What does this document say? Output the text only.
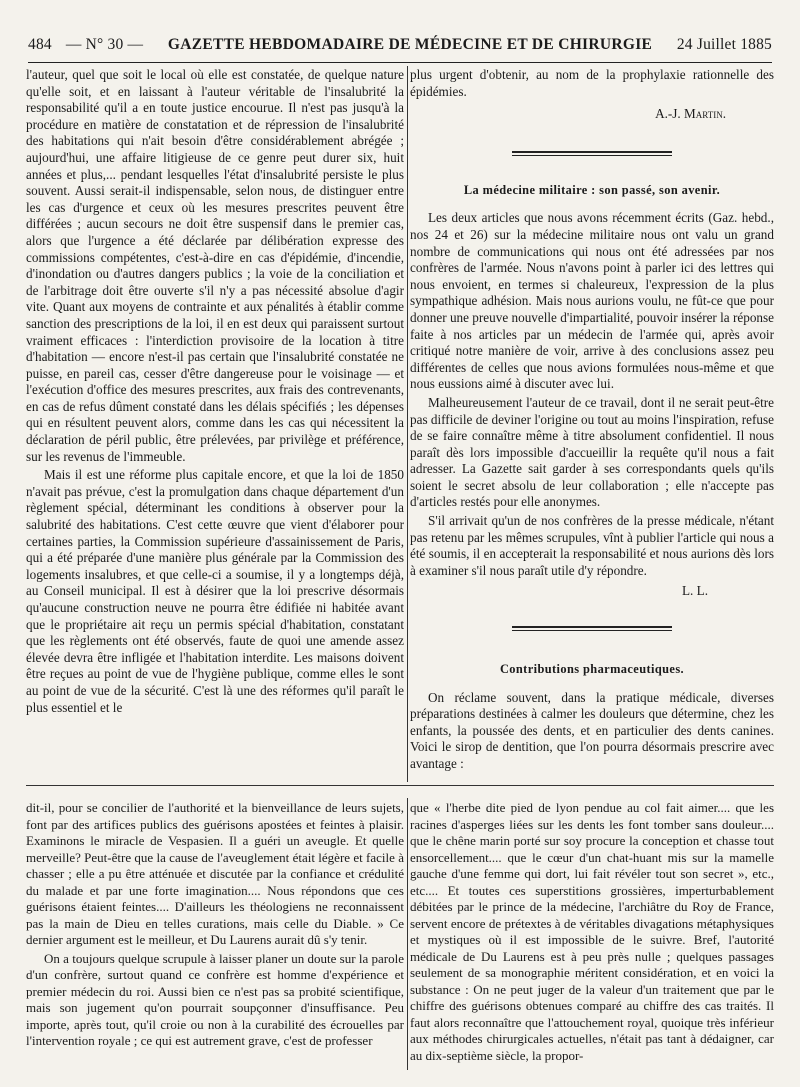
484 — N° 30 — GAZETTE HEBDOMADAIRE DE MÉDECINE ET DE CHIRURGIE 24 Juillet 1885

l'auteur, quel que soit le local où elle est constatée, de quelque nature qu'elle soit, et en laissant à l'auteur véritable de l'insalubrité la responsabilité qu'il a en toute justice encourue. Il n'est pas jusqu'à la procédure en matière de constatation et de répression de l'insalubrité des habitations qui n'ait besoin d'être considérablement abrégée ; aujourd'hui, une affaire litigieuse de ce genre peut durer six, huit années et plus,... pendant lesquelles l'état d'insalubrité persiste le plus souvent. Aussi serait-il indispensable, selon nous, de distinguer entre les cas d'urgence et ceux où les mesures prescrites peuvent être différées ; aucun secours ne doit être suspensif dans le premier cas, alors que l'urgence a été déclarée par délibération expresse des commissions compétentes, c'est-à-dire en cas d'épidémie, d'incendie, d'inondation ou d'autres dangers publics ; la voie de la conciliation et de l'arbitrage doit être ouverte s'il n'y a pas nécessité absolue d'agir vite. Quant aux moyens de contrainte et aux pénalités à établir comme sanction des prescriptions de la loi, il en est deux qui paraissent surtout vraiment efficaces : l'interdiction provisoire de la location à titre d'habitation — encore n'est-il pas certain que l'insalubrité constatée ne puisse, en pareil cas, cesser d'être dangereuse pour le voisinage — et l'exécution d'office des mesures prescrites, aux frais des contrevenants, en cas de refus dûment constaté dans les délais spécifiés ; les dépenses qui en résultent peuvent alors, comme dans les cas qui nécessitent la déclaration de péril public, être prélevées, par privilège et préférence, sur les revenus de l'immeuble.

Mais il est une réforme plus capitale encore, et que la loi de 1850 n'avait pas prévue, c'est la promulgation dans chaque département d'un règlement spécial, déterminant les conditions à observer pour la salubrité des habitations. C'est cette œuvre que vient d'élaborer pour certaines parties, la Commission supérieure d'assainissement de Paris, qui a été préparée d'une manière plus générale par la Commission des logements insalubres, et que celle-ci a soumise, il y a longtemps déjà, au Conseil municipal. Il est à désirer que la loi prescrive désormais qu'aucune construction neuve ne pourra être édifiée ni habitée avant que le propriétaire ait reçu un permis spécial d'habitation, constatant que les règlements ont été observés, faute de quoi une amende assez élevée devra être infligée et l'habitation interdite. Les maisons doivent être reçues au point de vue de l'hygiène publique, comme elles le sont au point de vue de la sécurité. C'est là une des réformes qu'il paraît le plus essentiel et le

plus urgent d'obtenir, au nom de la prophylaxie rationnelle des épidémies.

A.-J. Martin.
La médecine militaire : son passé, son avenir.

Les deux articles que nous avons récemment écrits (Gaz. hebd., nos 24 et 26) sur la médecine militaire nous ont valu un grand nombre de communications qui nous ont été adressées par nos confrères de l'armée. Nous n'avons point à parler ici des lettres qui nous envoient, en termes si chaleureux, l'expression de la plus sympathique adhésion. Mais nous aurions voulu, ne fût-ce que pour donner une preuve nouvelle d'impartialité, pouvoir insérer la réponse faite à nos articles par un médecin de l'armée qui, après avoir critiqué notre manière de voir, arrive à des conclusions assez peu différentes de celles que nous avions formulées nous-même et que nous eussions aimé à discuter avec lui.

Malheureusement l'auteur de ce travail, dont il ne serait peut-être pas difficile de deviner l'origine ou tout au moins l'inspiration, refuse de se faire connaître même à titre absolument confidentiel. Il nous paraît dès lors impossible d'accueillir la requête qu'il nous a fait adresser. La Gazette sait garder à ses correspondants quels qu'ils soient le secret absolu de leur collaboration ; elle n'accepte pas d'articles restés pour elle anonymes.

S'il arrivait qu'un de nos confrères de la presse médicale, n'étant pas retenu par les mêmes scrupules, vînt à publier l'article qui nous a été soumis, il en accepterait la responsabilité et nous aurions dès lors à examiner s'il nous paraît utile d'y répondre.

L. L.
Contributions pharmaceutiques.

On réclame souvent, dans la pratique médicale, diverses préparations destinées à calmer les douleurs que détermine, chez les enfants, la poussée des dents, et en particulier des dents canines. Voici le sirop de dentition, que l'on pourra désormais prescrire avec avantage :

dit-il, pour se concilier de l'authorité et la bienveillance de leurs sujets, font par des artifices publics des guérisons apostées et feintes à plaisir. Examinons le miracle de Vespasien. Il a guéri un aveugle. Et quelle merveille? Peut-être que la cause de l'aveuglement était légère et facile à chasser ; elle a pu être atténuée et discutée par la confiance et crédulité du malade et par une forte imagination.... Nous répondons que ces guérisons étaient feintes.... D'ailleurs les théologiens ne reconnaissent pas la main de Dieu en telles curations, mais celle du Diable. » Ce dernier argument est le meilleur, et Du Laurens aurait dû s'y tenir.

On a toujours quelque scrupule à laisser planer un doute sur la parole d'un confrère, surtout quand ce confrère est homme d'expérience et premier médecin du roi. Aussi bien ce n'est pas sa probité scientifique, mais son jugement qu'on pourrait soupçonner d'insuffisance. Peu importe, après tout, qu'il croie ou non à la curabilité des écrouelles par l'intervention royale ; ce qui est autrement grave, c'est de professer

que « l'herbe dite pied de lyon pendue au col fait aimer.... que les racines d'asperges liées sur les dents les font tomber sans douleur.... que le chêne marin porté sur soy procure la conception et chasse tout ensorcellement.... que le cœur d'un chat-huant mis sur la mamelle gauche d'une femme qui dort, lui fait révéler tout son secret », etc., etc.... Et toutes ces superstitions grossières, imperturbablement débitées par le prince de la médecine, l'archiâtre du Roy de France, servent encore de prétextes à de véritables divagations métaphysiques et mystiques où il est impossible de le suivre. Bref, l'autorité médicale de Du Laurens est à peu près nulle ; quelques passages seulement de sa monographie méritent considération, et en voici la substance : On ne peut juger de la valeur d'un traitement que par le chiffre des guérisons obtenues comparé au chiffre des cas traités. Il faut alors reconnaître que l'attouchement royal, quoique très inférieur aux méthodes chirurgicales actuelles, n'était pas tant à dédaigner, car au dix-septième siècle, la propor-
